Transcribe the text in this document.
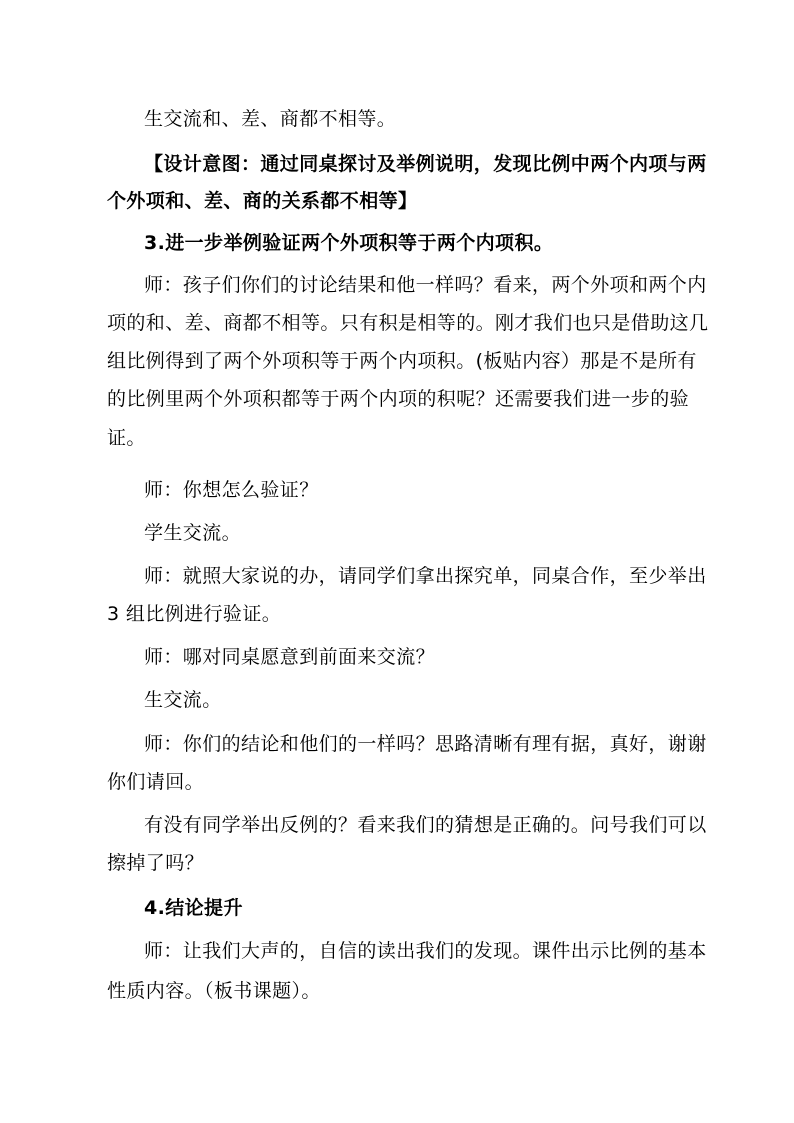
生交流和、差、商都不相等。
【设计意图：通过同桌探讨及举例说明，发现比例中两个内项与两
个外项和、差、商的关系都不相等】
3.进一步举例验证两个外项积等于两个内项积。
师：孩子们你们的讨论结果和他一样吗？看来，两个外项和两个内
项的和、差、商都不相等。只有积是相等的。刚才我们也只是借助这几
组比例得到了两个外项积等于两个内项积。(板贴内容）那是不是所有
的比例里两个外项积都等于两个内项的积呢？还需要我们进一步的验
证。
师：你想怎么验证？
学生交流。
师：就照大家说的办，请同学们拿出探究单，同桌合作，至少举出
3 组比例进行验证。
师：哪对同桌愿意到前面来交流？
生交流。
师：你们的结论和他们的一样吗？思路清晰有理有据，真好，谢谢
你们请回。
有没有同学举出反例的？看来我们的猜想是正确的。问号我们可以
擦掉了吗？
4.结论提升
师：让我们大声的，自信的读出我们的发现。课件出示比例的基本
性质内容。（板书课题）。
